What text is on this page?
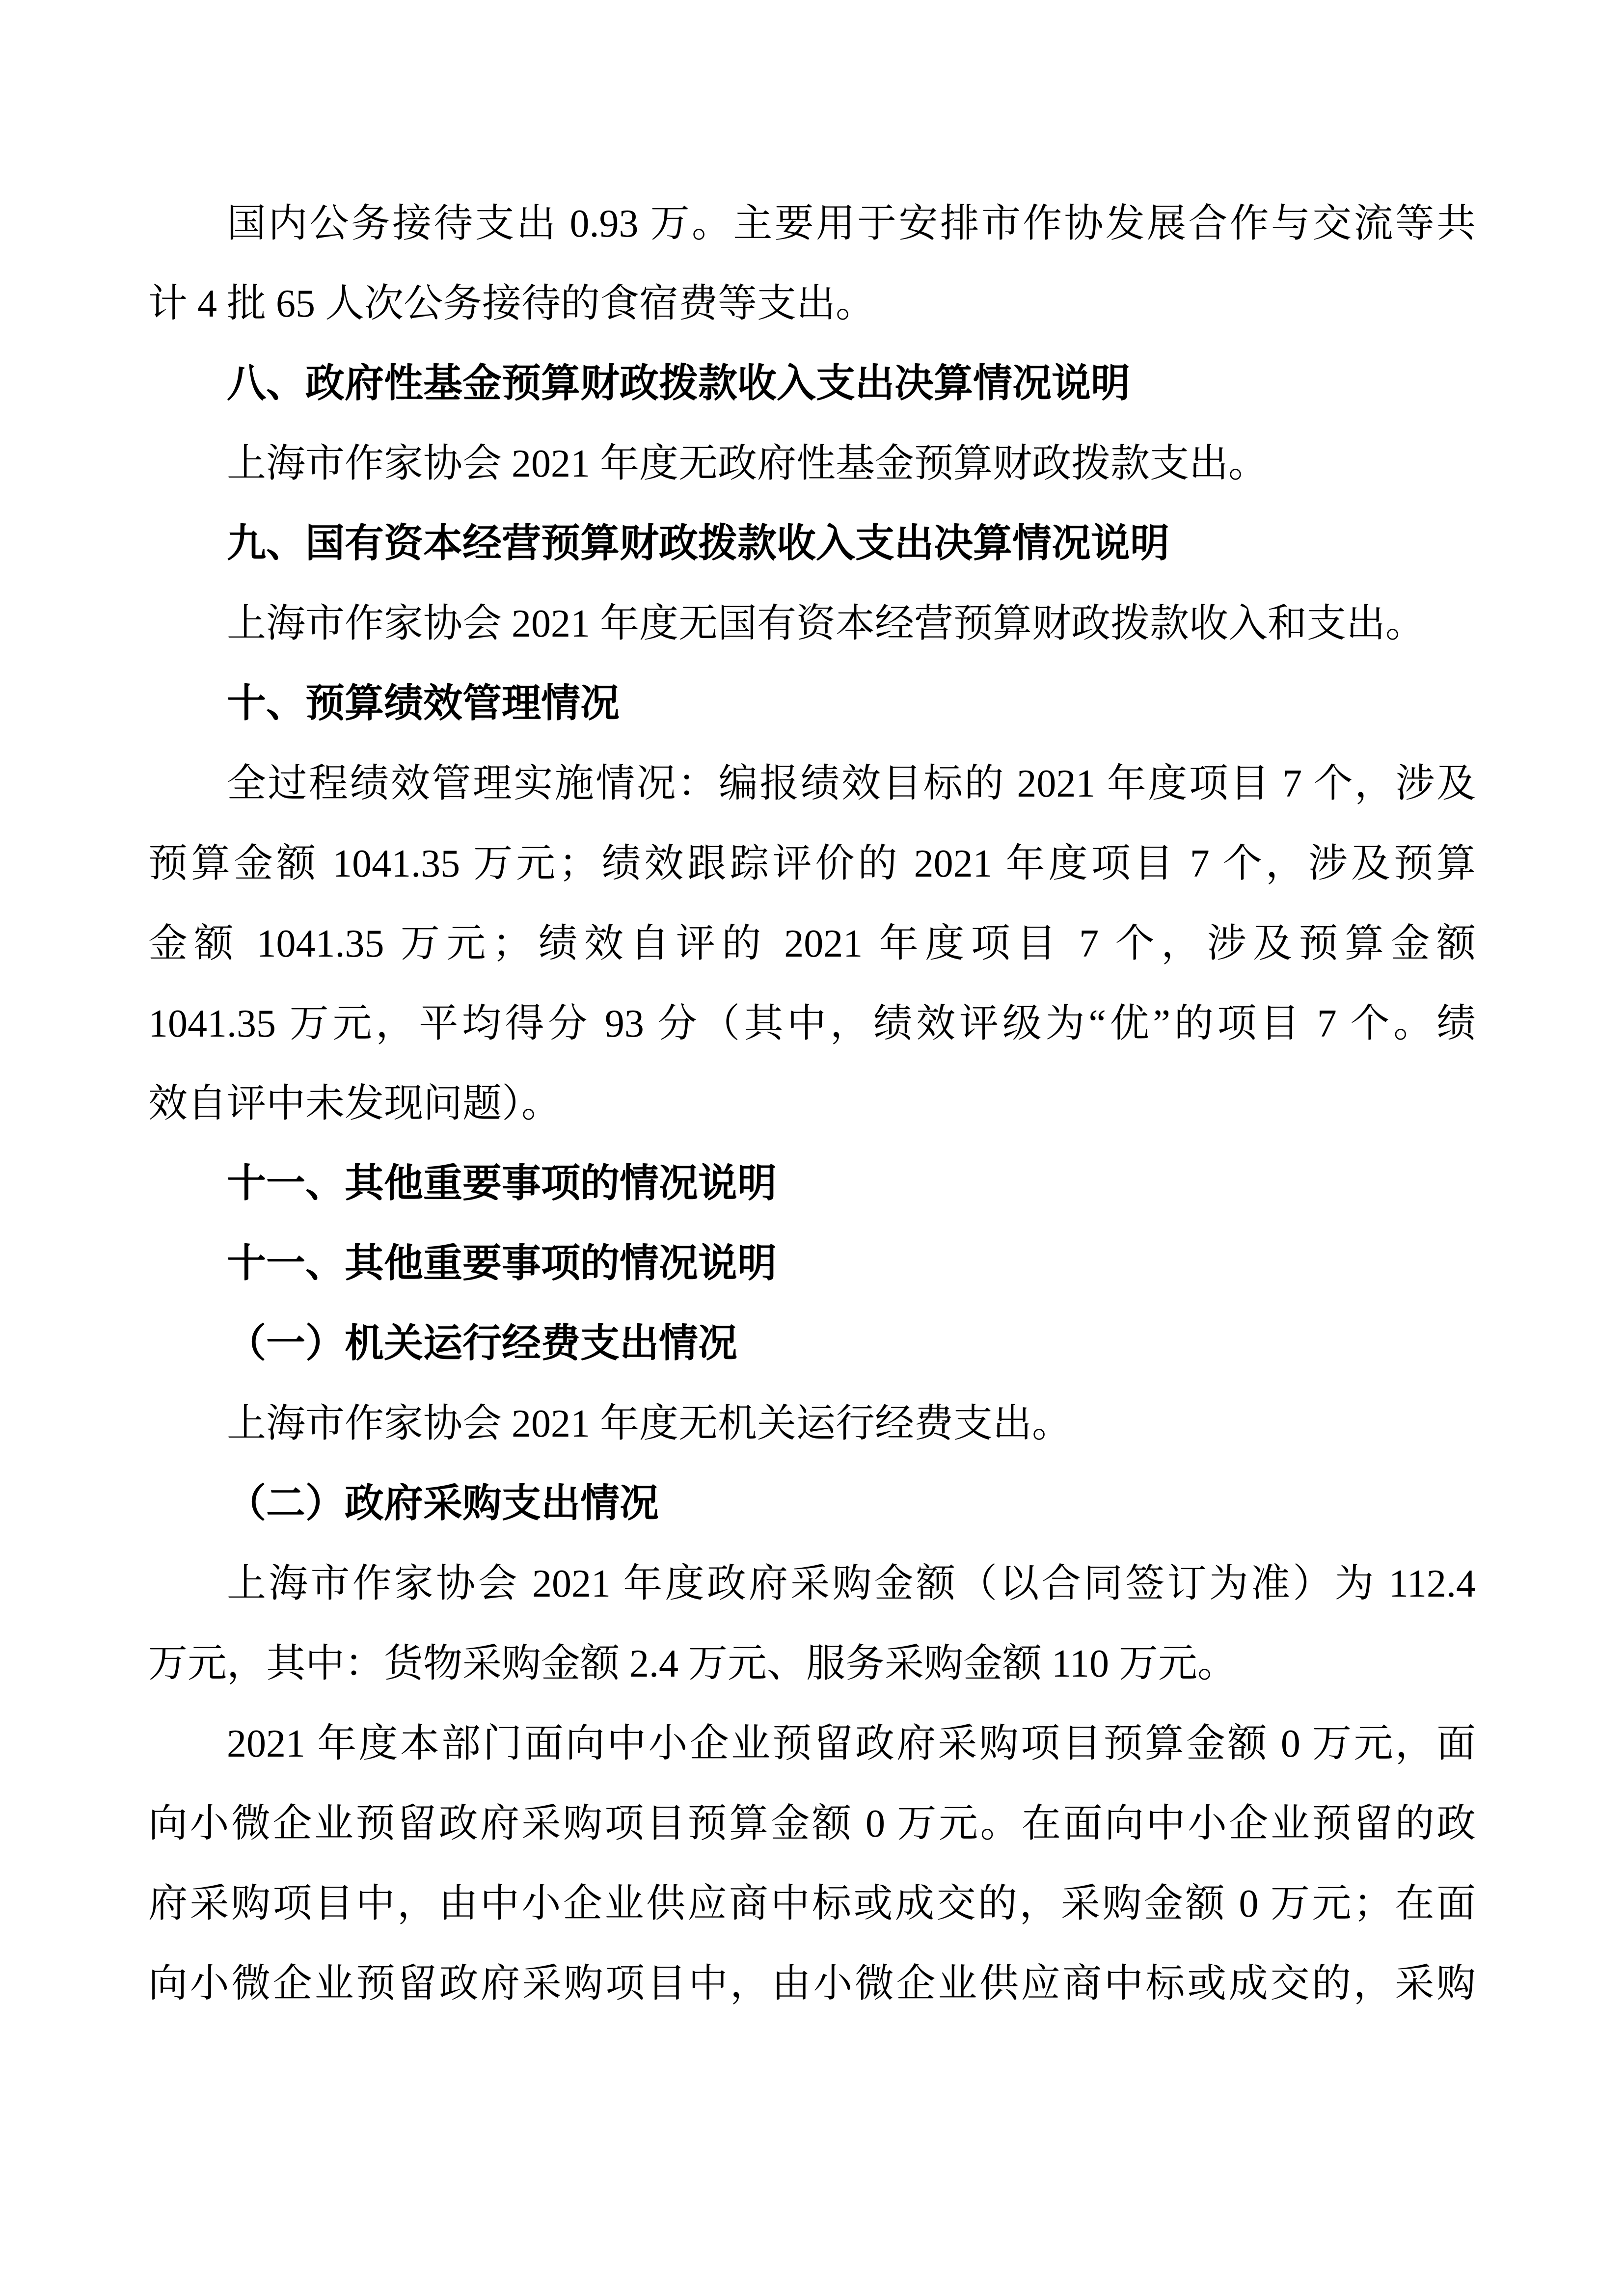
国内公务接待支出 0.93 万。主要用于安排市作协发展合作与交流等共
计 4 批 65 人次公务接待的食宿费等支出。
八、政府性基金预算财政拨款收入支出决算情况说明
上海市作家协会 2021 年度无政府性基金预算财政拨款支出。
九、国有资本经营预算财政拨款收入支出决算情况说明
上海市作家协会 2021 年度无国有资本经营预算财政拨款收入和支出。
十、预算绩效管理情况
全过程绩效管理实施情况：编报绩效目标的 2021 年度项目 7 个，涉及
预算金额 1041.35 万元；绩效跟踪评价的 2021 年度项目 7 个，涉及预算
金额 1041.35 万元；绩效自评的 2021 年度项目 7 个，涉及预算金额
1041.35 万元，平均得分 93 分（其中，绩效评级为“优”的项目 7 个。绩
效自评中未发现问题）。
十一、其他重要事项的情况说明
十一、其他重要事项的情况说明
（一）机关运行经费支出情况
上海市作家协会 2021 年度无机关运行经费支出。
（二）政府采购支出情况
上海市作家协会 2021 年度政府采购金额（以合同签订为准）为 112.4
万元，其中：货物采购金额 2.4 万元、服务采购金额 110 万元。
2021 年度本部门面向中小企业预留政府采购项目预算金额 0 万元，面
向小微企业预留政府采购项目预算金额 0 万元。在面向中小企业预留的政
府采购项目中，由中小企业供应商中标或成交的，采购金额 0 万元；在面
向小微企业预留政府采购项目中，由小微企业供应商中标或成交的，采购
